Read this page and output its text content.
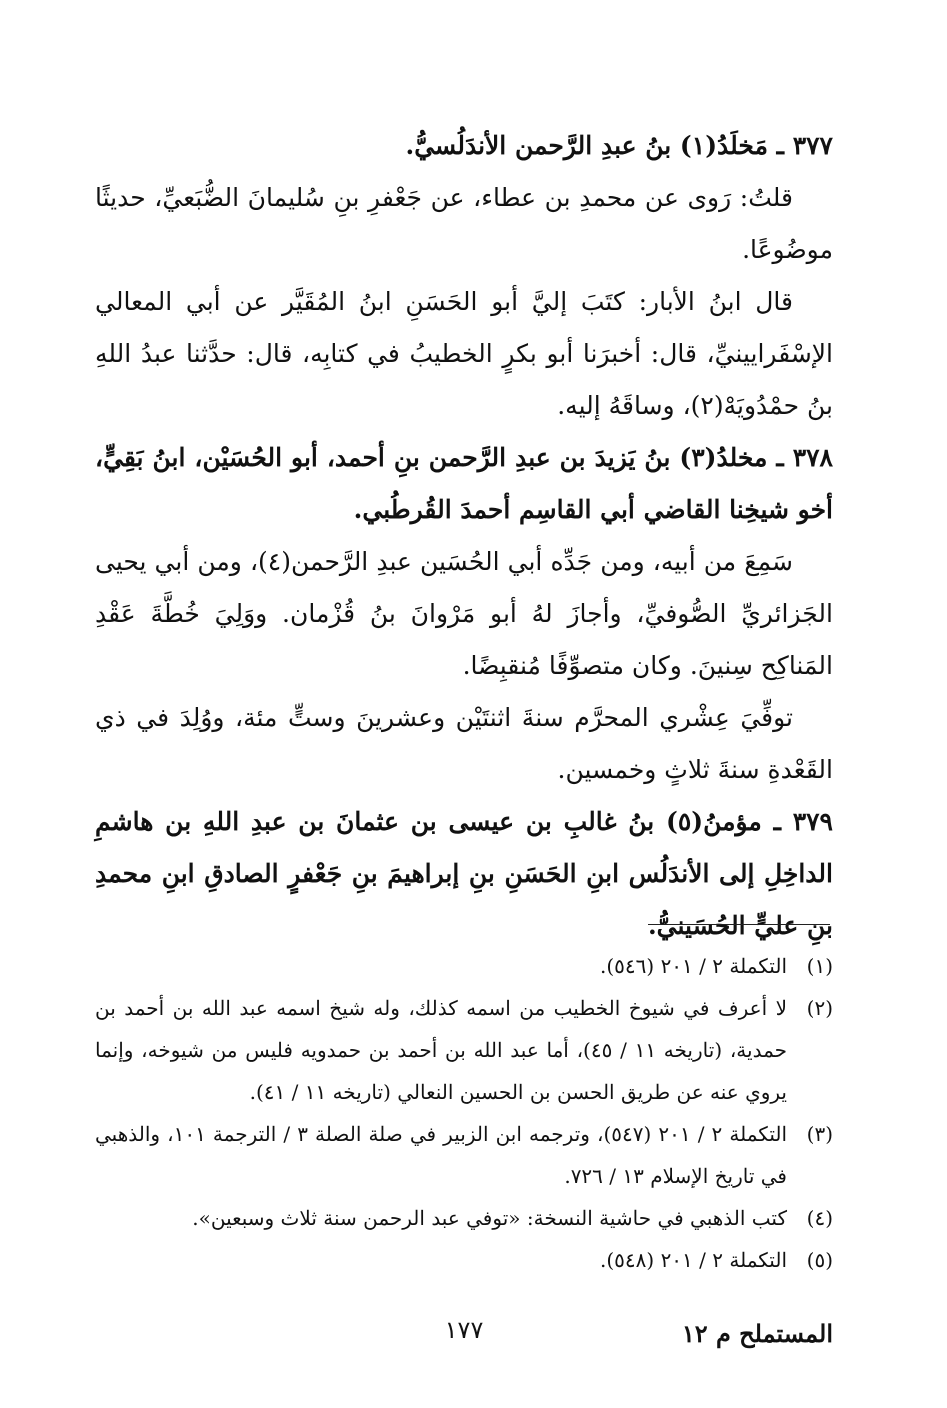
٣٧٧ ـ مَخلَدُ(١) بنُ عبدِ الرَّحمن الأندَلُسيُّ.

قلتُ: رَوى عن محمدِ بن عطاء، عن جَعْفرِ بنِ سُليمانَ الضُّبَعيِّ، حديثًا موضُوعًا.

قال ابنُ الأبار: كتَبَ إليَّ أبو الحَسَنِ ابنُ المُقَيَّر عن أبي المعالي الإسْفَرايينيِّ، قال: أخبرَنا أبو بكرٍ الخطيبُ في كتابِه، قال: حدَّثنا عبدُ اللهِ بنُ حمْدُويَهْ(٢)، وساقَهُ إليه.

٣٧٨ ـ مخلدُ(٣) بنُ يَزيدَ بن عبدِ الرَّحمن بنِ أحمد، أبو الحُسَيْن، ابنُ بَقِيٍّ، أخو شيخِنا القاضي أبي القاسِم أحمدَ القُرطُبي.

سَمِعَ من أبيه، ومن جَدِّه أبي الحُسَين عبدِ الرَّحمن(٤)، ومن أبي يحيى الجَزائريِّ الصُّوفيِّ، وأجازَ لهُ أبو مَرْوانَ بنُ قُزْمان. ووَلِيَ خُطَّةَ عَقْدِ المَناكِح سِنينَ. وكان متصوِّفًا مُنقبِضًا.

توفِّيَ عِشْري المحرَّم سنةَ اثنتَيْن وعشرينَ وستٍّ مئة، ووُلِدَ في ذي القَعْدةِ سنةَ ثلاثٍ وخمسين.

٣٧٩ ـ مؤمنُ(٥) بنُ غالبِ بن عيسى بن عثمانَ بن عبدِ اللهِ بن هاشمِ الداخِلِ إلى الأندَلُس ابنِ الحَسَنِ بنِ إبراهيمَ بنِ جَعْفرٍ الصادقِ ابنِ محمدِ بنِ عليٍّ الحُسَينيُّ.

(١)
التكملة ٢ / ٢٠١ (٥٤٦).
(٢)
لا أعرف في شيوخ الخطيب من اسمه كذلك، وله شيخ اسمه عبد الله بن أحمد بن حمدية، (تاريخه ١١ / ٤٥)، أما عبد الله بن أحمد بن حمدويه فليس من شيوخه، وإنما يروي عنه عن طريق الحسن بن الحسين النعالي (تاريخه ١١ / ٤١).
(٣)
التكملة ٢ / ٢٠١ (٥٤٧)، وترجمه ابن الزبير في صلة الصلة ٣ / الترجمة ١٠١، والذهبي في تاريخ الإسلام ١٣ / ٧٢٦.
(٤)
كتب الذهبي في حاشية النسخة: «توفي عبد الرحمن سنة ثلاث وسبعين».
(٥)
التكملة ٢ / ٢٠١ (٥٤٨).
المستملح م ١٢
١٧٧
